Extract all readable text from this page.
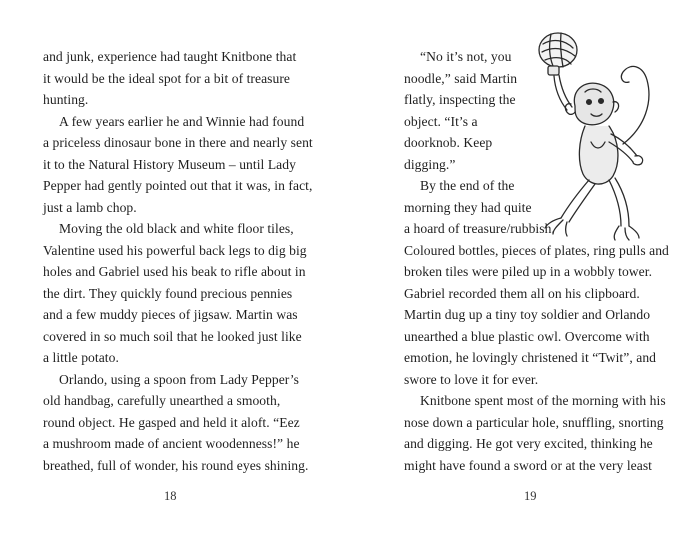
and junk, experience had taught Knitbone that
it would be the ideal spot for a bit of treasure
hunting.
A few years earlier he and Winnie had found
a priceless dinosaur bone in there and nearly sent
it to the Natural History Museum – until Lady
Pepper had gently pointed out that it was, in fact,
just a lamb chop.
Moving the old black and white floor tiles,
Valentine used his powerful back legs to dig big
holes and Gabriel used his beak to rifle about in
the dirt. They quickly found precious pennies
and a few muddy pieces of jigsaw. Martin was
covered in so much soil that he looked just like
a little potato.
Orlando, using a spoon from Lady Pepper’s
old handbag, carefully unearthed a smooth,
round object. He gasped and held it aloft. “Eez
a mushroom made of ancient woodenness!” he
breathed, full of wonder, his round eyes shining.
“No it’s not, you
noodle,” said Martin
flatly, inspecting the
object. “It’s a
doorknob. Keep
digging.”
By the end of the
morning they had quite
a hoard of treasure/rubbish.
Coloured bottles, pieces of plates, ring pulls and
broken tiles were piled up in a wobbly tower.
Gabriel recorded them all on his clipboard.
Martin dug up a tiny toy soldier and Orlando
unearthed a blue plastic owl. Overcome with
emotion, he lovingly christened it “Twit”, and
swore to love it for ever.
Knitbone spent most of the morning with his
nose down a particular hole, snuffling, snorting
and digging. He got very excited, thinking he
might have found a sword or at the very least
18	19
